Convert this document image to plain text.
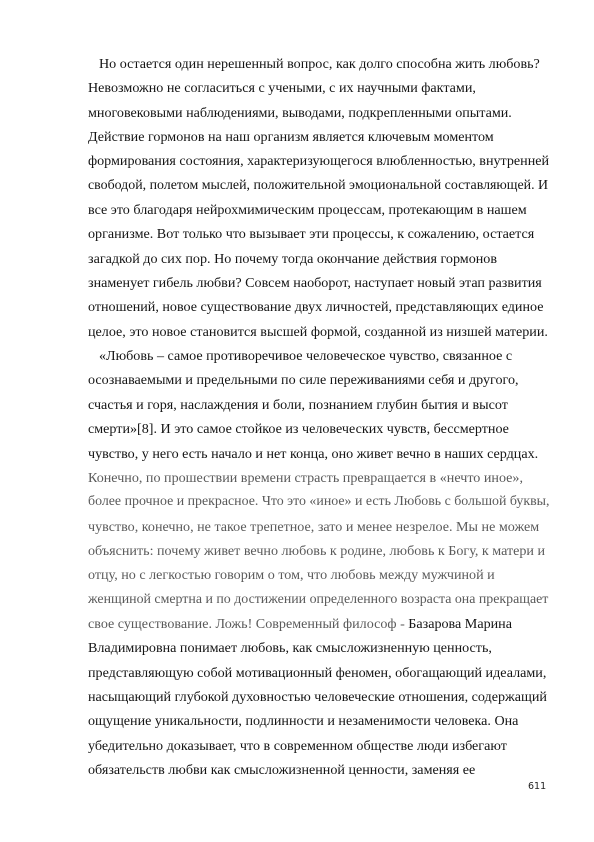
Но остается один нерешенный вопрос, как долго способна жить любовь?
Невозможно не согласиться с учеными, с их научными фактами,
многовековыми наблюдениями, выводами, подкрепленными опытами.
Действие гормонов на наш организм является ключевым моментом
формирования состояния, характеризующегося влюбленностью, внутренней
свободой, полетом мыслей, положительной эмоциональной составляющей. И
все это благодаря нейрохмимическим процессам, протекающим в нашем
организме. Вот только что вызывает эти процессы, к сожалению, остается
загадкой до сих пор. Но почему тогда окончание действия гормонов
знаменует гибель любви? Совсем наоборот, наступает новый этап развития
отношений, новое существование двух личностей, представляющих единое
целое, это новое становится высшей формой, созданной из низшей материи.
«Любовь – самое противоречивое человеческое чувство, связанное с
осознаваемыми и предельными по силе переживаниями себя и другого,
счастья и горя, наслаждения и боли, познанием глубин бытия и высот
смерти»[8]. И это самое стойкое из человеческих чувств, бессмертное
чувство, у него есть начало и нет конца, оно живет вечно в наших сердцах.
Конечно, по прошествии времени страсть превращается в «нечто иное»,
более прочное и прекрасное. Что это «иное» и есть Любовь с большой буквы,
чувство, конечно, не такое трепетное, зато и менее незрелое. Мы не можем
объяснить: почему живет вечно любовь к родине, любовь к Богу, к матери и
отцу, но с легкостью говорим о том, что любовь между мужчиной и
женщиной смертна и по достижении определенного возраста она прекращает
свое существование. Ложь! Современный философ - Базарова Марина
Владимировна понимает любовь, как смысложизненную ценность,
представляющую собой мотивационный феномен, обогащающий идеалами,
насыщающий глубокой духовностью человеческие отношения, содержащий
ощущение уникальности, подлинности и незаменимости человека. Она
убедительно доказывает, что в современном обществе люди избегают
обязательств любви как смысложизненной ценности, заменяя ее
611
